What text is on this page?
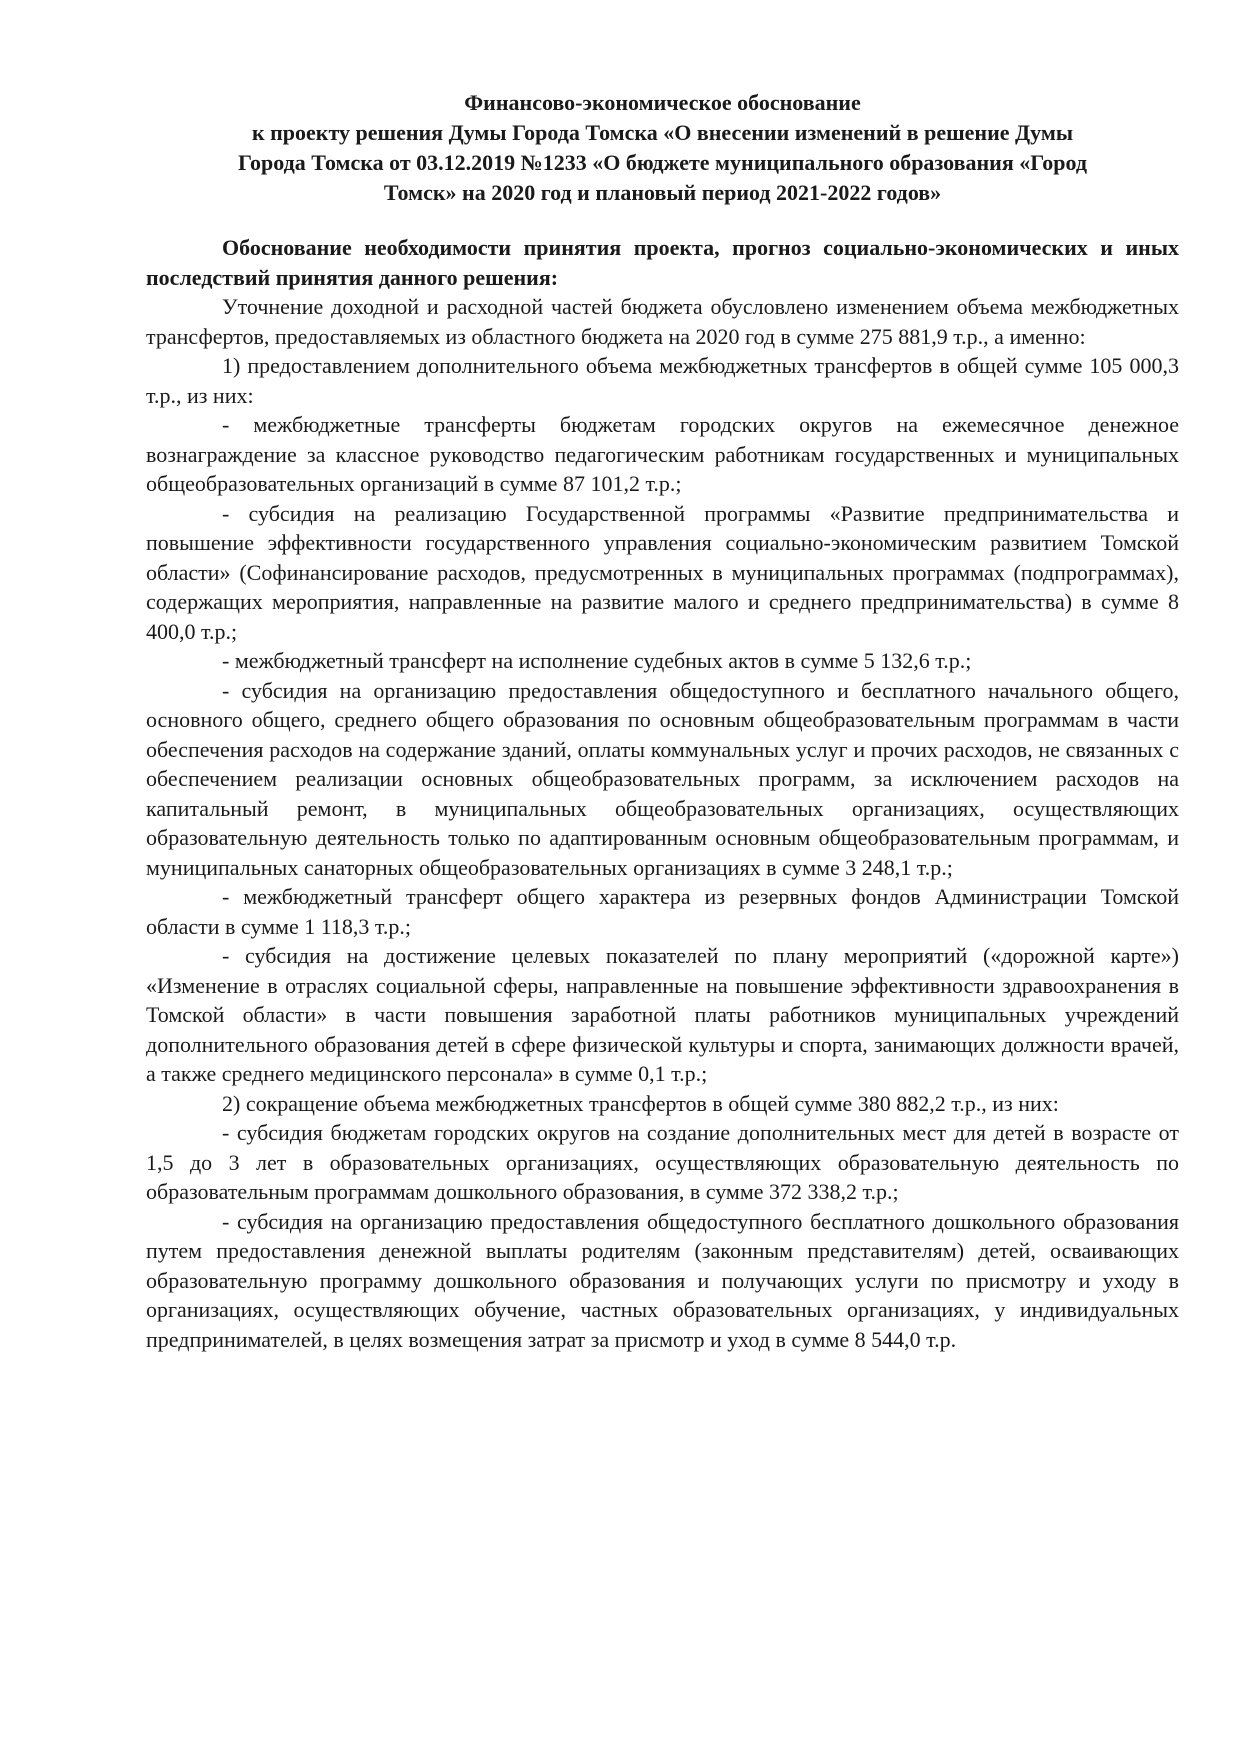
Финансово-экономическое обоснование
к проекту решения Думы Города Томска «О внесении изменений в решение Думы
Города Томска от 03.12.2019 №1233 «О бюджете муниципального образования «Город
Томск» на 2020 год и плановый период 2021-2022 годов»

Обоснование необходимости принятия проекта, прогноз социально-экономических и иных последствий принятия данного решения:

Уточнение доходной и расходной частей бюджета обусловлено изменением объема межбюджетных трансфертов, предоставляемых из областного бюджета на 2020 год в сумме 275 881,9 т.р., а именно:

1) предоставлением дополнительного объема межбюджетных трансфертов в общей сумме 105 000,3 т.р., из них:

- межбюджетные трансферты бюджетам городских округов на ежемесячное денежное вознаграждение за классное руководство педагогическим работникам государственных и муниципальных общеобразовательных организаций в сумме 87 101,2 т.р.;

- субсидия на реализацию Государственной программы «Развитие предпринимательства и повышение эффективности государственного управления социально-экономическим развитием Томской области» (Софинансирование расходов, предусмотренных в муниципальных программах (подпрограммах), содержащих мероприятия, направленные на развитие малого и среднего предпринимательства) в сумме 8 400,0 т.р.;

- межбюджетный трансферт на исполнение судебных актов в сумме 5 132,6 т.р.;

- субсидия на организацию предоставления общедоступного и бесплатного начального общего, основного общего, среднего общего образования по основным общеобразовательным программам в части обеспечения расходов на содержание зданий, оплаты коммунальных услуг и прочих расходов, не связанных с обеспечением реализации основных общеобразовательных программ, за исключением расходов на капитальный ремонт, в муниципальных общеобразовательных организациях, осуществляющих образовательную деятельность только по адаптированным основным общеобразовательным программам, и муниципальных санаторных общеобразовательных организациях в сумме 3 248,1 т.р.;

- межбюджетный трансферт общего характера из резервных фондов Администрации Томской области в сумме 1 118,3 т.р.;

- субсидия на достижение целевых показателей по плану мероприятий («дорожной карте») «Изменение в отраслях социальной сферы, направленные на повышение эффективности здравоохранения в Томской области» в части повышения заработной платы работников муниципальных учреждений дополнительного образования детей в сфере физической культуры и спорта, занимающих должности врачей, а также среднего медицинского персонала» в сумме 0,1 т.р.;

2) сокращение объема межбюджетных трансфертов в общей сумме 380 882,2 т.р., из них:

- субсидия бюджетам городских округов на создание дополнительных мест для детей в возрасте от 1,5 до 3 лет в образовательных организациях, осуществляющих образовательную деятельность по образовательным программам дошкольного образования, в сумме 372 338,2 т.р.;

- субсидия на организацию предоставления общедоступного бесплатного дошкольного образования путем предоставления денежной выплаты родителям (законным представителям) детей, осваивающих образовательную программу дошкольного образования и получающих услуги по присмотру и уходу в организациях, осуществляющих обучение, частных образовательных организациях, у индивидуальных предпринимателей, в целях возмещения затрат за присмотр и уход в сумме 8 544,0 т.р.
